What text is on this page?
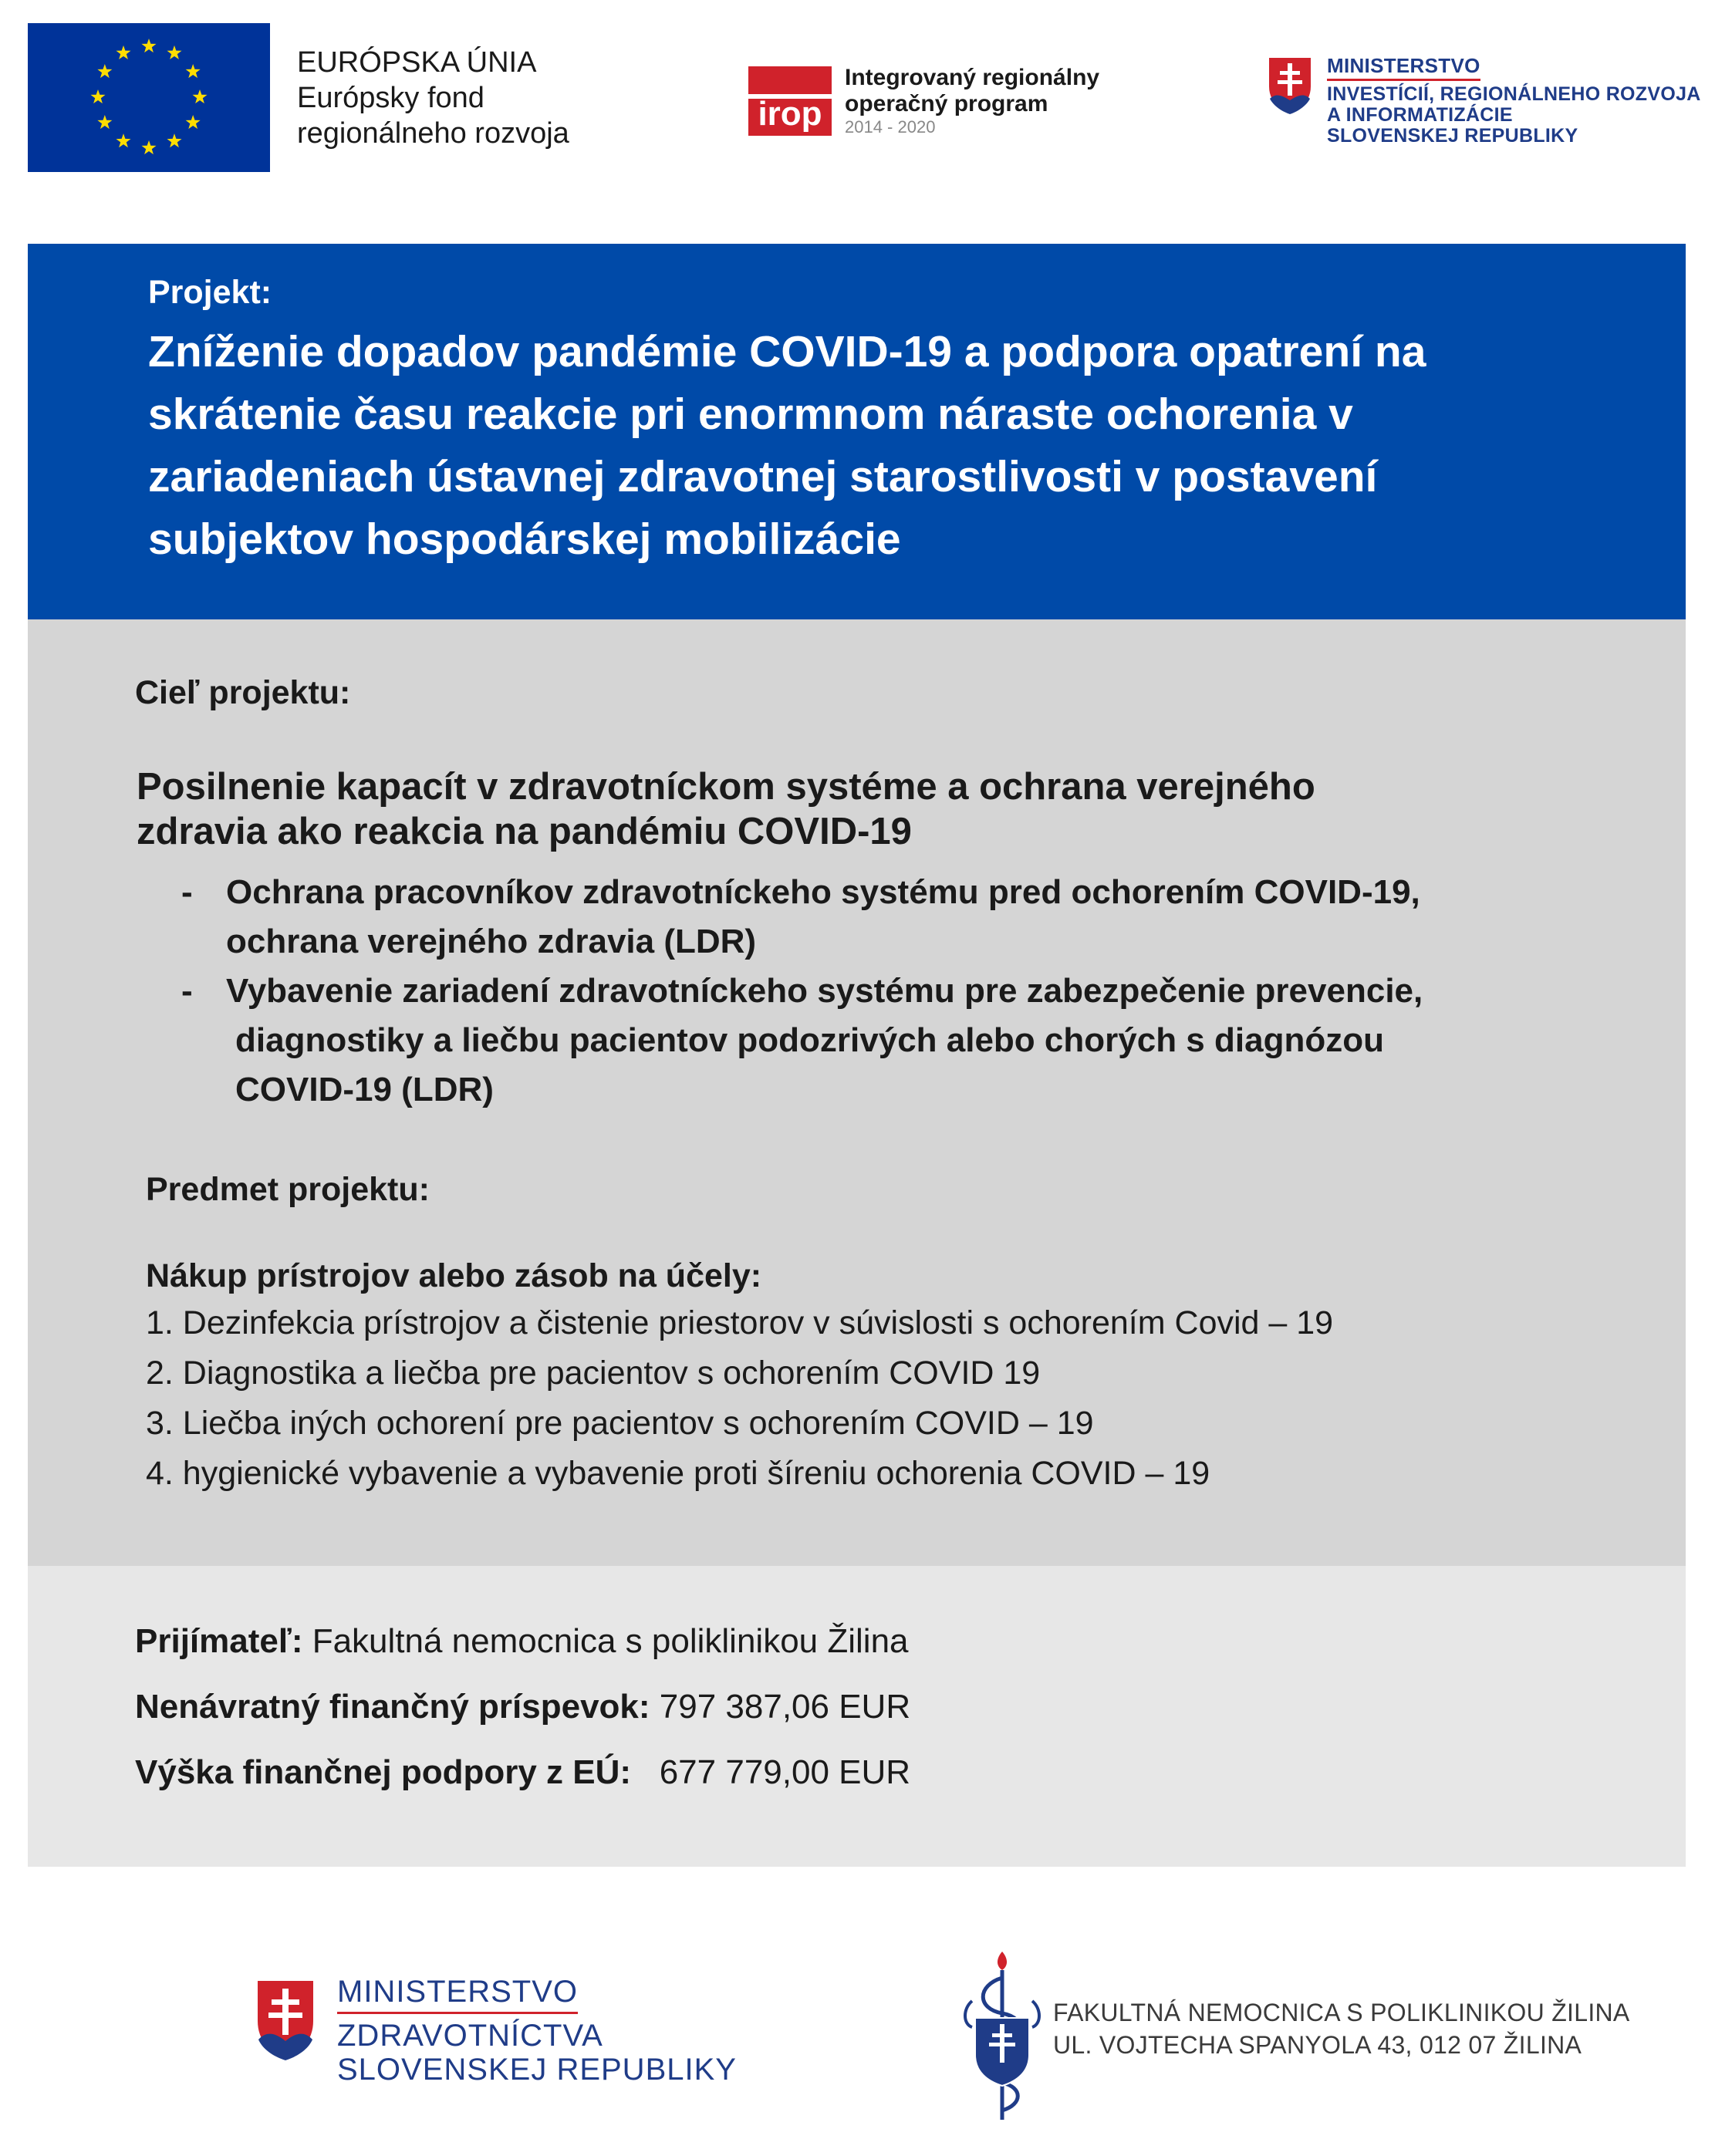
EURÓPSKA ÚNIA
Európsky fond
regionálneho rozvoja
irop
Integrovaný regionálny
operačný program
2014 - 2020
MINISTERSTVO
INVESTÍCIÍ, REGIONÁLNEHO ROZVOJA
A INFORMATIZÁCIE
SLOVENSKEJ REPUBLIKY
Projekt:
Zníženie dopadov pandémie COVID-19 a podpora opatrení na
skrátenie času reakcie pri enormnom náraste ochorenia v
zariadeniach ústavnej zdravotnej starostlivosti v postavení
subjektov hospodárskej mobilizácie
Cieľ projektu:
Posilnenie kapacít v zdravotníckom systéme a ochrana verejného
zdravia ako reakcia na pandémiu COVID-19
- Ochrana pracovníkov zdravotníckeho systému pred ochorením COVID-19,
ochrana verejného zdravia (LDR)
- Vybavenie zariadení zdravotníckeho systému pre zabezpečenie prevencie,
diagnostiky a liečbu pacientov podozrivých alebo chorých s diagnózou
COVID-19 (LDR)
Predmet projektu:
Nákup prístrojov alebo zásob na účely:
1. Dezinfekcia prístrojov a čistenie priestorov v súvislosti s ochorením Covid – 19
2. Diagnostika a liečba pre pacientov s ochorením COVID 19
3. Liečba iných ochorení pre pacientov s ochorením COVID – 19
4. hygienické vybavenie a vybavenie proti šíreniu ochorenia COVID – 19
Prijímateľ: Fakultná nemocnica s poliklinikou Žilina
Nenávratný finančný príspevok: 797 387,06 EUR
Výška finančnej podpory z EÚ:   677 779,00 EUR
MINISTERSTVO
ZDRAVOTNÍCTVA
SLOVENSKEJ REPUBLIKY
FAKULTNÁ NEMOCNICA S POLIKLINIKOU ŽILINA
UL. VOJTECHA SPANYOLA 43, 012 07 ŽILINA
